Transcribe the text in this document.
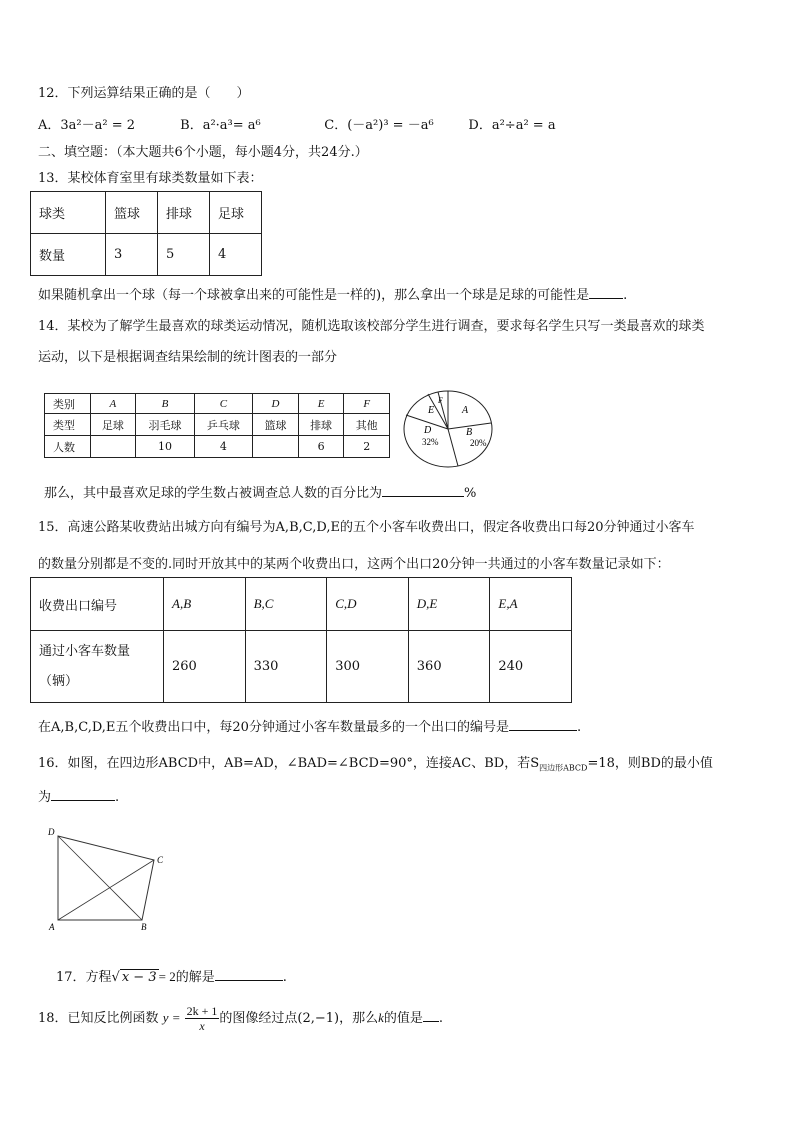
12．下列运算结果正确的是（　　）
A．3a²－a² = 2	B．a²·a³= a⁶	C．(－a²)³ = －a⁶	D．a²÷a² = a
二、填空题：（本大题共6个小题，每小题4分，共24分.）
13．某校体育室里有球类数量如下表：
球类	篮球	排球	足球
数量	3	5	4
如果随机拿出一个球（每一个球被拿出来的可能性是一样的)，那么拿出一个球是足球的可能性是	.
14．某校为了解学生最喜欢的球类运动情况，随机选取该校部分学生进行调查，要求每名学生只写一类最喜欢的球类
运动，以下是根据调查结果绘制的统计图表的一部分
类别	A	B	C	D	E	F
类型	足球	羽毛球	乒乓球	篮球	排球	其他
人数		10	4		6	2
A
B
20%
D
32%
E
F
那么，其中最喜欢足球的学生数占被调查总人数的百分比为	%
15．高速公路某收费站出城方向有编号为A,B,C,D,E的五个小客车收费出口，假定各收费出口每20分钟通过小客车
的数量分别都是不变的.同时开放其中的某两个收费出口，这两个出口20分钟一共通过的小客车数量记录如下：
收费出口编号	A,B	B,C	C,D	D,E	E,A

通过小客车数量
（辆）	260	330	300	360	240
在A,B,C,D,E五个收费出口中，每20分钟通过小客车数量最多的一个出口的编号是	.
16．如图，在四边形ABCD中，AB=AD，∠BAD=∠BCD=90°，连接AC、BD，若$S_{四边形ABCD}=18$，则BD的最小值
为	.
D
C
A	B
17．方程√ x − 3 = 2的解是	.
18．已知反比例函数 $y = \frac{2k + 1}{x}$ 的图像经过点(2,−1)，那么k的值是 .
